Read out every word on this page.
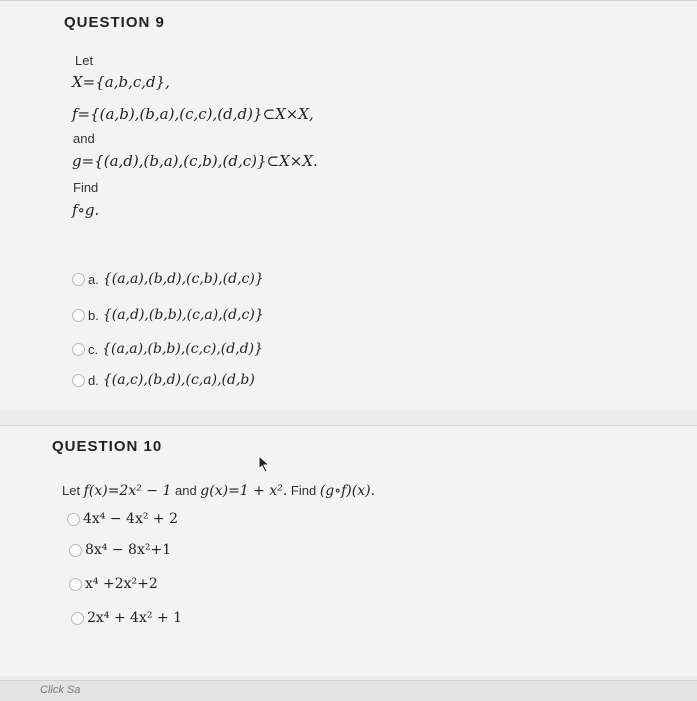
QUESTION 9
Let
X={a,b,c,d},
f={(a,b),(b,a),(c,c),(d,d)}⊂X×X,
and
g={(a,d),(b,a),(c,b),(d,c)}⊂X×X.
Find
f∘g.
a. {(a,a),(b,d),(c,b),(d,c)}
b. {(a,d),(b,b),(c,a),(d,c)}
c. {(a,a),(b,b),(c,c),(d,d)}
d. {(a,c),(b,d),(c,a),(d,b)
QUESTION 10
Let f(x)=2x² − 1 and g(x)=1 + x². Find (g∘f)(x).
4x⁴ − 4x² + 2
8x⁴ − 8x²+1
x⁴ +2x²+2
2x⁴ + 4x² + 1
Click Sa
